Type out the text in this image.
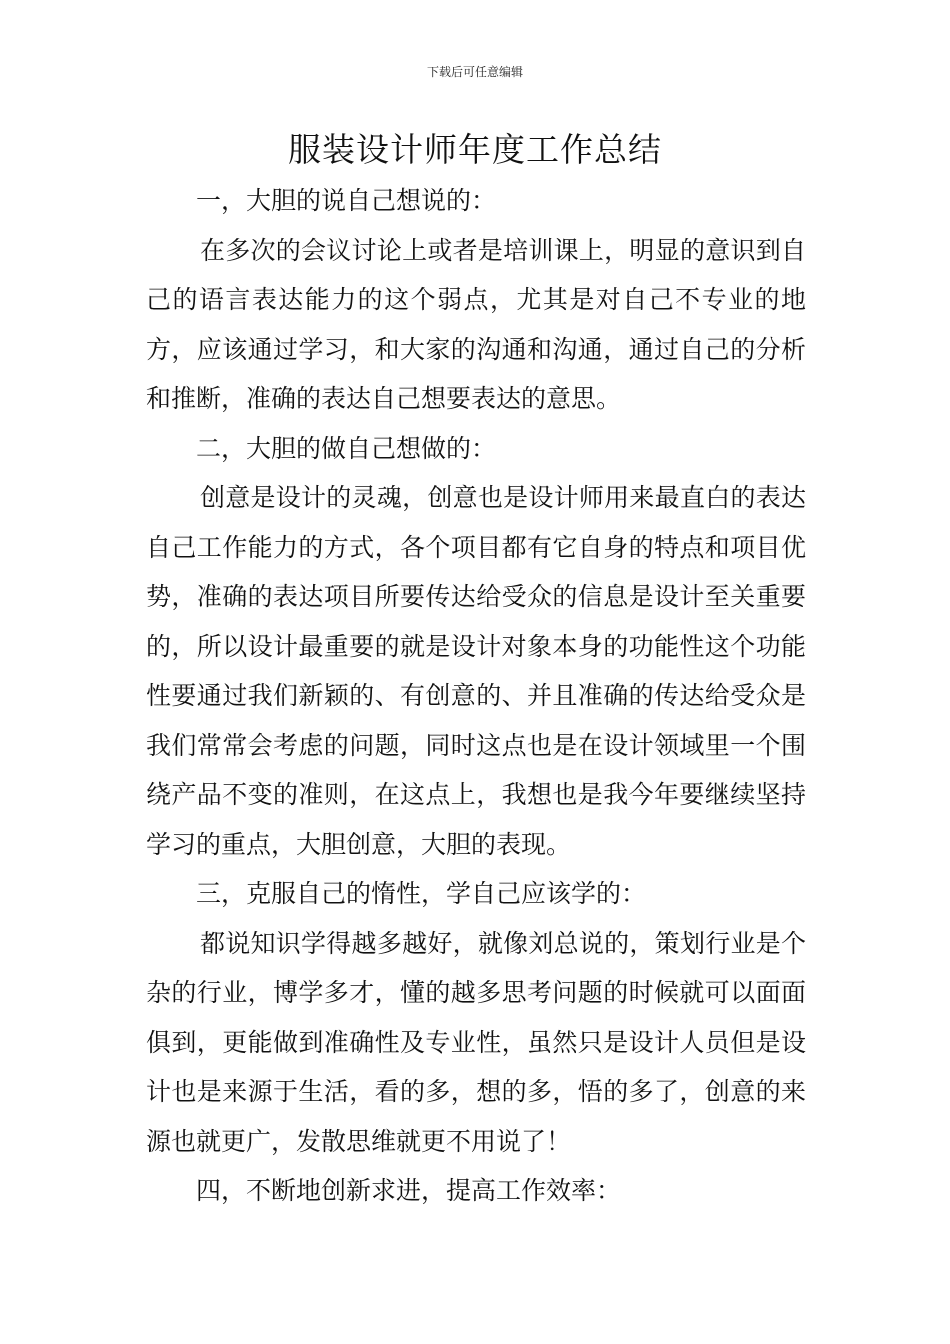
下载后可任意编辑
服装设计师年度工作总结

一，大胆的说自己想说的：

在多次的会议讨论上或者是培训课上，明显的意识到自己的语言表达能力的这个弱点，尤其是对自己不专业的地方，应该通过学习，和大家的沟通和沟通，通过自己的分析和推断，准确的表达自己想要表达的意思。

二，大胆的做自己想做的：

创意是设计的灵魂，创意也是设计师用来最直白的表达自己工作能力的方式，各个项目都有它自身的特点和项目优势，准确的表达项目所要传达给受众的信息是设计至关重要的，所以设计最重要的就是设计对象本身的功能性这个功能性要通过我们新颖的、有创意的、并且准确的传达给受众是我们常常会考虑的问题，同时这点也是在设计领域里一个围绕产品不变的准则，在这点上，我想也是我今年要继续坚持学习的重点，大胆创意，大胆的表现。

三，克服自己的惰性，学自己应该学的：

都说知识学得越多越好，就像刘总说的，策划行业是个杂的行业，博学多才，懂的越多思考问题的时候就可以面面俱到，更能做到准确性及专业性，虽然只是设计人员但是设计也是来源于生活，看的多，想的多，悟的多了，创意的来源也就更广，发散思维就更不用说了！

四，不断地创新求进，提高工作效率：
